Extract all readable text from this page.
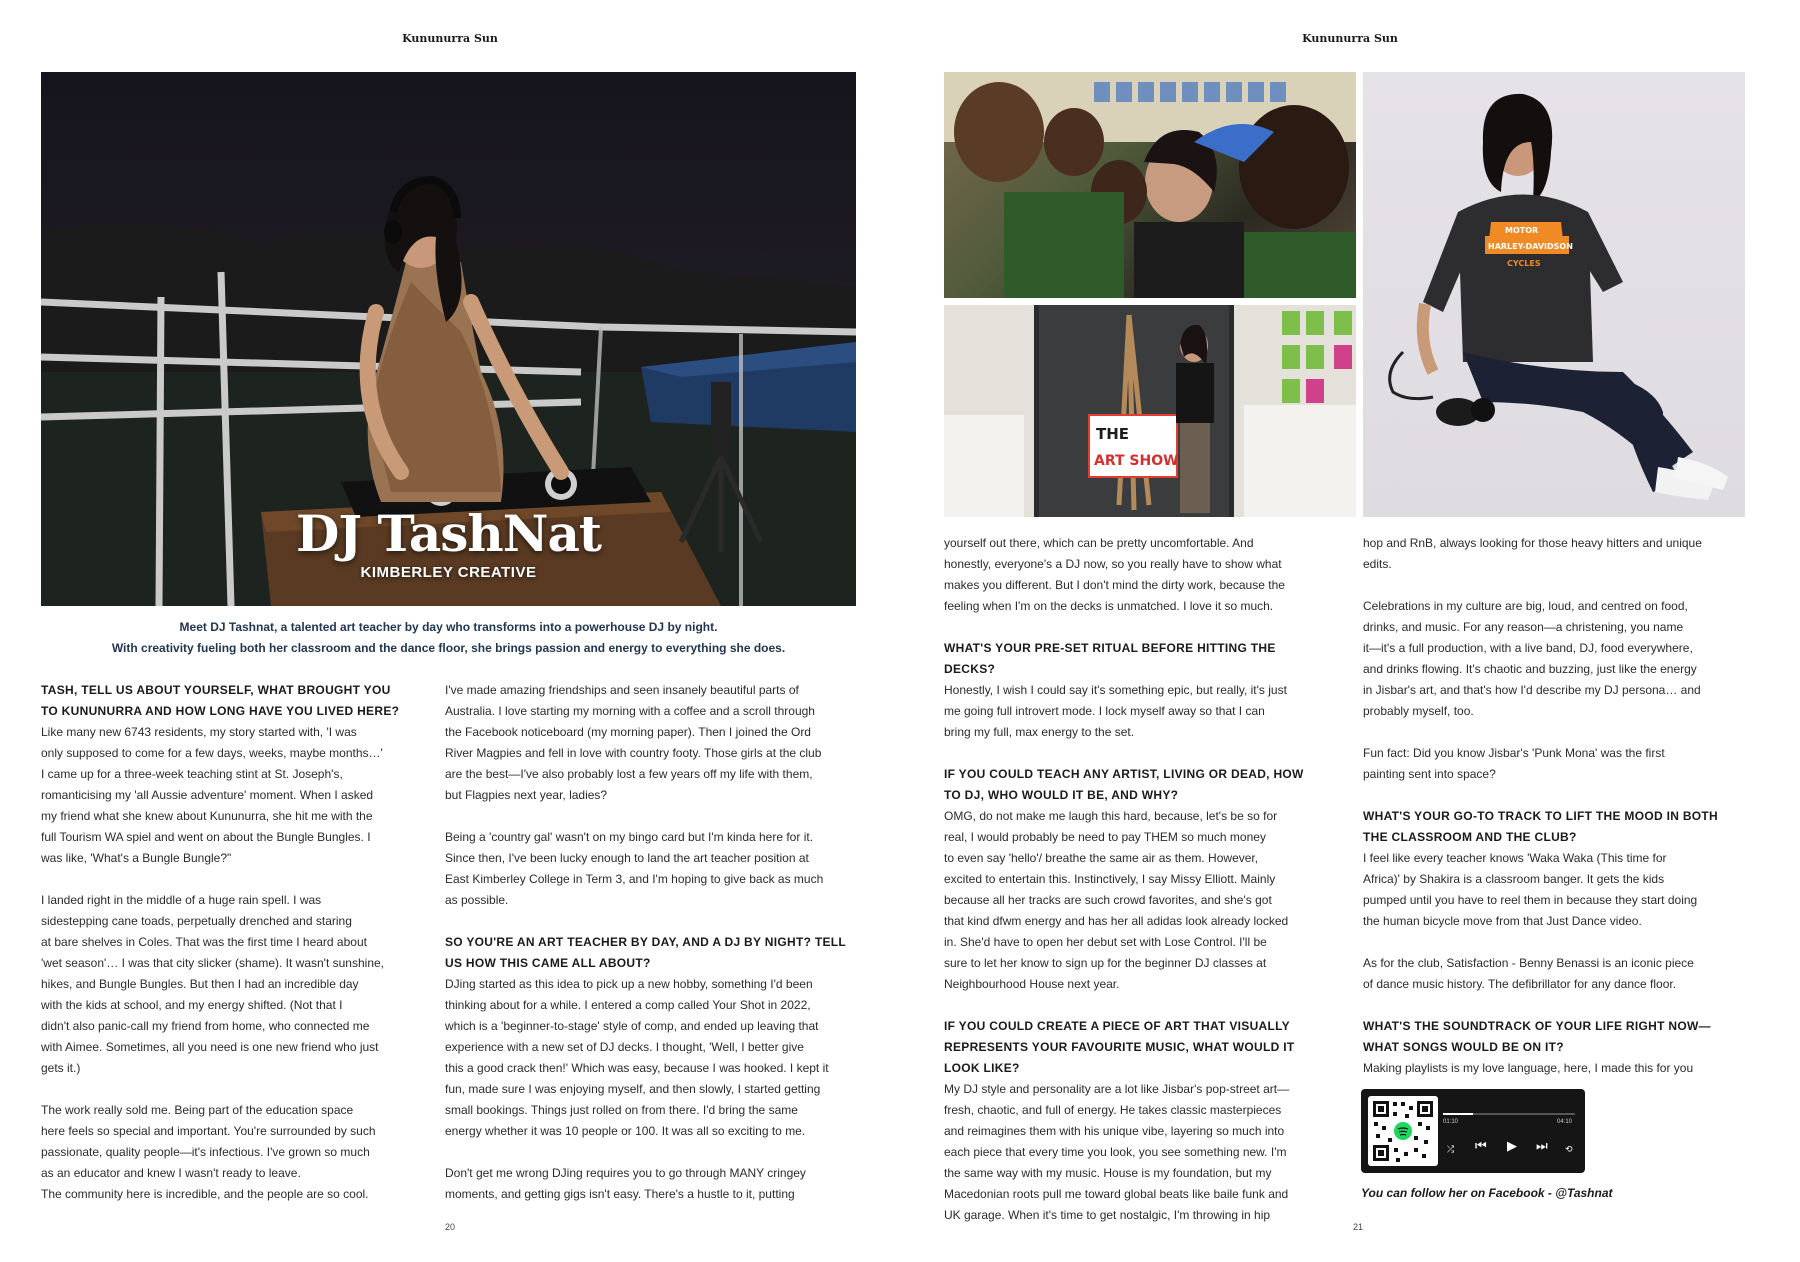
Kununurra Sun
DJ TashNat
KIMBERLEY CREATIVE
Meet DJ Tashnat, a talented art teacher by day who transforms into a powerhouse DJ by night.
With creativity fueling both her classroom and the dance floor, she brings passion and energy to everything she does.
TASH, TELL US ABOUT YOURSELF, WHAT BROUGHT YOU
TO KUNUNURRA AND HOW LONG HAVE YOU LIVED HERE?
Like many new 6743 residents, my story started with, 'I was
only supposed to come for a few days, weeks, maybe months…'
I came up for a three-week teaching stint at St. Joseph's,
romanticising my 'all Aussie adventure' moment. When I asked
my friend what she knew about Kununurra, she hit me with the
full Tourism WA spiel and went on about the Bungle Bungles. I
was like, 'What's a Bungle Bungle?"
I landed right in the middle of a huge rain spell. I was
sidestepping cane toads, perpetually drenched and staring
at bare shelves in Coles. That was the first time I heard about
'wet season'… I was that city slicker (shame). It wasn't sunshine,
hikes, and Bungle Bungles. But then I had an incredible day
with the kids at school, and my energy shifted. (Not that I
didn't also panic-call my friend from home, who connected me
with Aimee. Sometimes, all you need is one new friend who just
gets it.)
The work really sold me. Being part of the education space
here feels so special and important. You're surrounded by such
passionate, quality people—it's infectious. I've grown so much
as an educator and knew I wasn't ready to leave.
The community here is incredible, and the people are so cool.
I've made amazing friendships and seen insanely beautiful parts of
Australia. I love starting my morning with a coffee and a scroll through
the Facebook noticeboard (my morning paper). Then I joined the Ord
River Magpies and fell in love with country footy. Those girls at the club
are the best—I've also probably lost a few years off my life with them,
but Flagpies next year, ladies?
Being a 'country gal' wasn't on my bingo card but I'm kinda here for it.
Since then, I've been lucky enough to land the art teacher position at
East Kimberley College in Term 3, and I'm hoping to give back as much
as possible.
SO YOU'RE AN ART TEACHER BY DAY, AND A DJ BY NIGHT? TELL
US HOW THIS CAME ALL ABOUT?
DJing started as this idea to pick up a new hobby, something I'd been
thinking about for a while. I entered a comp called Your Shot in 2022,
which is a 'beginner-to-stage' style of comp, and ended up leaving that
experience with a new set of DJ decks. I thought, 'Well, I better give
this a good crack then!' Which was easy, because I was hooked. I kept it
fun, made sure I was enjoying myself, and then slowly, I started getting
small bookings. Things just rolled on from there. I'd bring the same
energy whether it was 10 people or 100. It was all so exciting to me.
Don't get me wrong DJing requires you to go through MANY cringey
moments, and getting gigs isn't easy. There's a hustle to it, putting
20
Kununurra Sun
21
THE
ART SHOW
MOTOR
HARLEY-DAVIDSON
CYCLES
yourself out there, which can be pretty uncomfortable. And
honestly, everyone's a DJ now, so you really have to show what
makes you different. But I don't mind the dirty work, because the
feeling when I'm on the decks is unmatched. I love it so much.
WHAT'S YOUR PRE-SET RITUAL BEFORE HITTING THE
DECKS?
Honestly, I wish I could say it's something epic, but really, it's just
me going full introvert mode. I lock myself away so that I can
bring my full, max energy to the set.
IF YOU COULD TEACH ANY ARTIST, LIVING OR DEAD, HOW
TO DJ, WHO WOULD IT BE, AND WHY?
OMG, do not make me laugh this hard, because, let's be so for
real, I would probably be need to pay THEM so much money
to even say 'hello'/ breathe the same air as them. However,
excited to entertain this. Instinctively, I say Missy Elliott. Mainly
because all her tracks are such crowd favorites, and she's got
that kind dfwm energy and has her all adidas look already locked
in. She'd have to open her debut set with Lose Control. I'll be
sure to let her know to sign up for the beginner DJ classes at
Neighbourhood House next year.
IF YOU COULD CREATE A PIECE OF ART THAT VISUALLY
REPRESENTS YOUR FAVOURITE MUSIC, WHAT WOULD IT
LOOK LIKE?
My DJ style and personality are a lot like Jisbar's pop-street art—
fresh, chaotic, and full of energy. He takes classic masterpieces
and reimagines them with his unique vibe, layering so much into
each piece that every time you look, you see something new. I'm
the same way with my music. House is my foundation, but my
Macedonian roots pull me toward global beats like baile funk and
UK garage. When it's time to get nostalgic, I'm throwing in hip
hop and RnB, always looking for those heavy hitters and unique
edits.
Celebrations in my culture are big, loud, and centred on food,
drinks, and music. For any reason—a christening, you name
it—it's a full production, with a live band, DJ, food everywhere,
and drinks flowing. It's chaotic and buzzing, just like the energy
in Jisbar's art, and that's how I'd describe my DJ persona… and
probably myself, too.
Fun fact: Did you know Jisbar's 'Punk Mona' was the first
painting sent into space?
WHAT'S YOUR GO-TO TRACK TO LIFT THE MOOD IN BOTH
THE CLASSROOM AND THE CLUB?
I feel like every teacher knows 'Waka Waka (This time for
Africa)' by Shakira is a classroom banger. It gets the kids
pumped until you have to reel them in because they start doing
the human bicycle move from that Just Dance video.
As for the club, Satisfaction - Benny Benassi is an iconic piece
of dance music history. The defibrillator for any dance floor.
WHAT'S THE SOUNDTRACK OF YOUR LIFE RIGHT NOW—
WHAT SONGS WOULD BE ON IT?
Making playlists is my love language, here, I made this for you
01:10	04:10
⤮ ⏮ ▶ ⏭ ⟲
You can follow her on Facebook - @Tashnat
